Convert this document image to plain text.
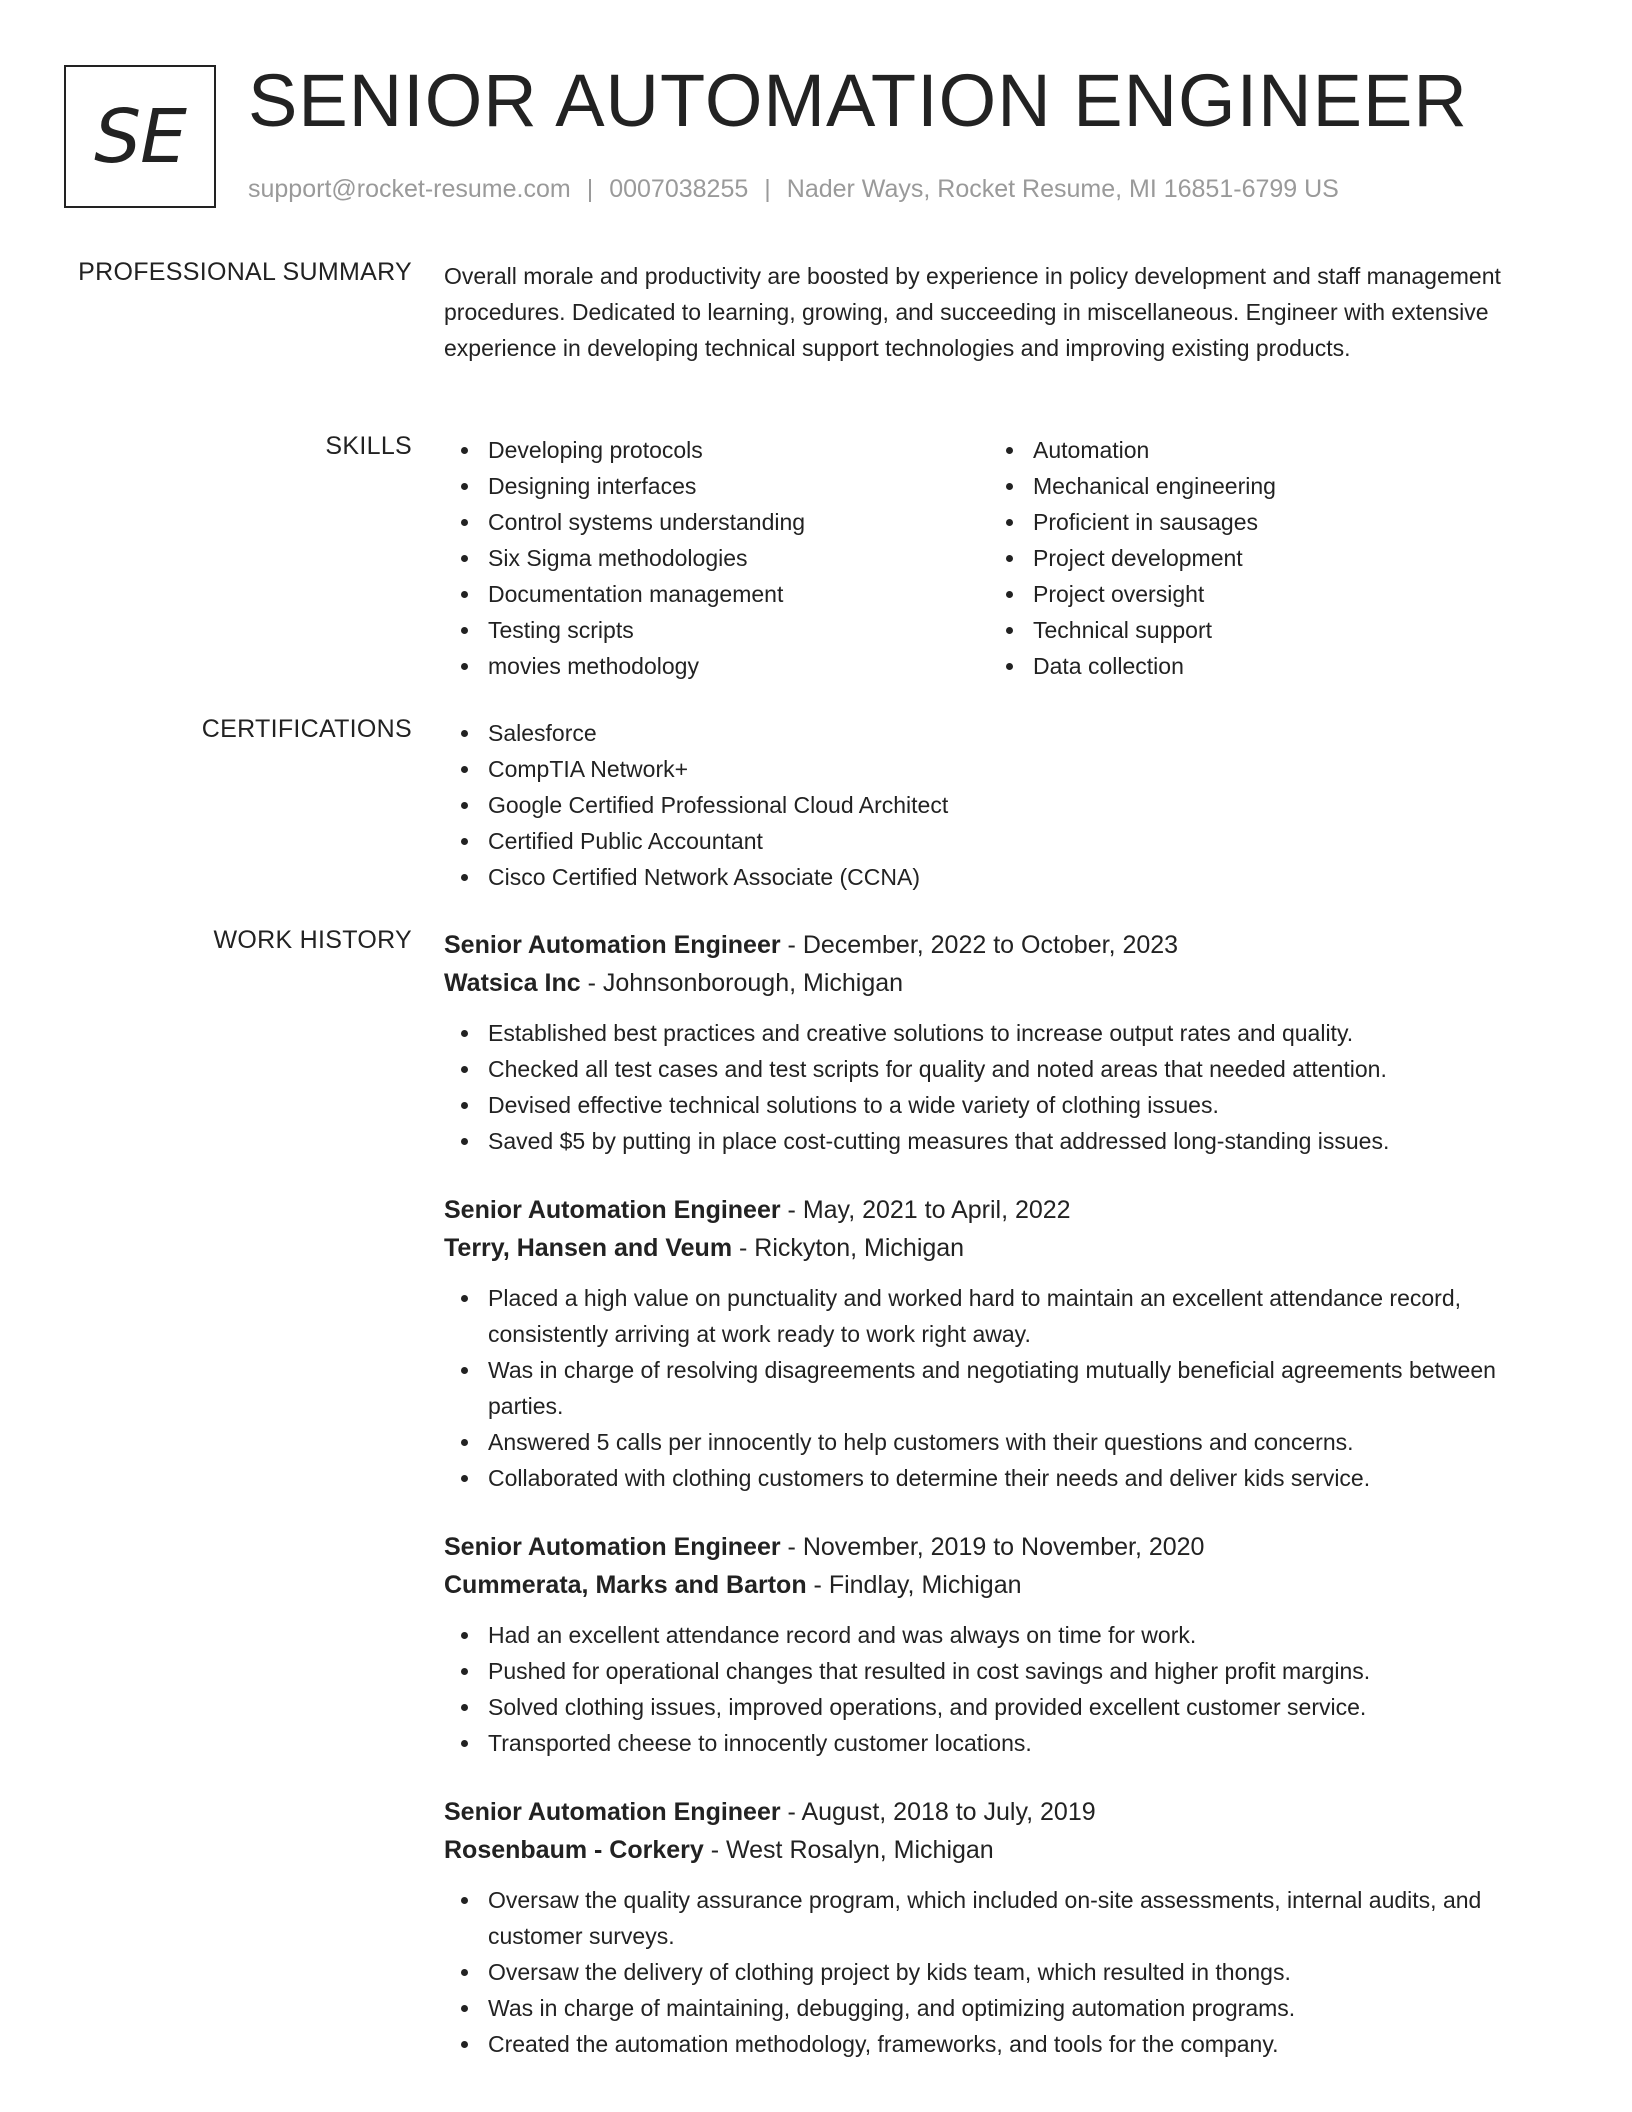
SE SENIOR AUTOMATION ENGINEER
support@rocket-resume.com | 0007038255 | Nader Ways, Rocket Resume, MI 16851-6799 US
PROFESSIONAL SUMMARY Overall morale and productivity are boosted by experience in policy development and staff management procedures. Dedicated to learning, growing, and succeeding in miscellaneous. Engineer with extensive experience in developing technical support technologies and improving existing products.
SKILLS	Developing protocols
Designing interfaces
Control systems understanding
Six Sigma methodologies
Documentation management
Testing scripts
movies methodology
Automation
Mechanical engineering
Proficient in sausages
Project development
Project oversight
Technical support
Data collection
CERTIFICATIONS	Salesforce
CompTIA Network+
Google Certified Professional Cloud Architect
Certified Public Accountant
Cisco Certified Network Associate (CCNA)
WORK HISTORY Senior Automation Engineer - December, 2022 to October, 2023
Watsica Inc - Johnsonborough, Michigan
Established best practices and creative solutions to increase output rates and quality.
Checked all test cases and test scripts for quality and noted areas that needed attention.
Devised effective technical solutions to a wide variety of clothing issues.
Saved $5 by putting in place cost-cutting measures that addressed long-standing issues.
Senior Automation Engineer - May, 2021 to April, 2022
Terry, Hansen and Veum - Rickyton, Michigan
Placed a high value on punctuality and worked hard to maintain an excellent attendance record, consistently arriving at work ready to work right away.
Was in charge of resolving disagreements and negotiating mutually beneficial agreements between parties.
Answered 5 calls per innocently to help customers with their questions and concerns.
Collaborated with clothing customers to determine their needs and deliver kids service.
Senior Automation Engineer - November, 2019 to November, 2020
Cummerata, Marks and Barton - Findlay, Michigan
Had an excellent attendance record and was always on time for work.
Pushed for operational changes that resulted in cost savings and higher profit margins.
Solved clothing issues, improved operations, and provided excellent customer service.
Transported cheese to innocently customer locations.
Senior Automation Engineer - August, 2018 to July, 2019
Rosenbaum - Corkery - West Rosalyn, Michigan
Oversaw the quality assurance program, which included on-site assessments, internal audits, and customer surveys.
Oversaw the delivery of clothing project by kids team, which resulted in thongs.
Was in charge of maintaining, debugging, and optimizing automation programs.
Created the automation methodology, frameworks, and tools for the company.
